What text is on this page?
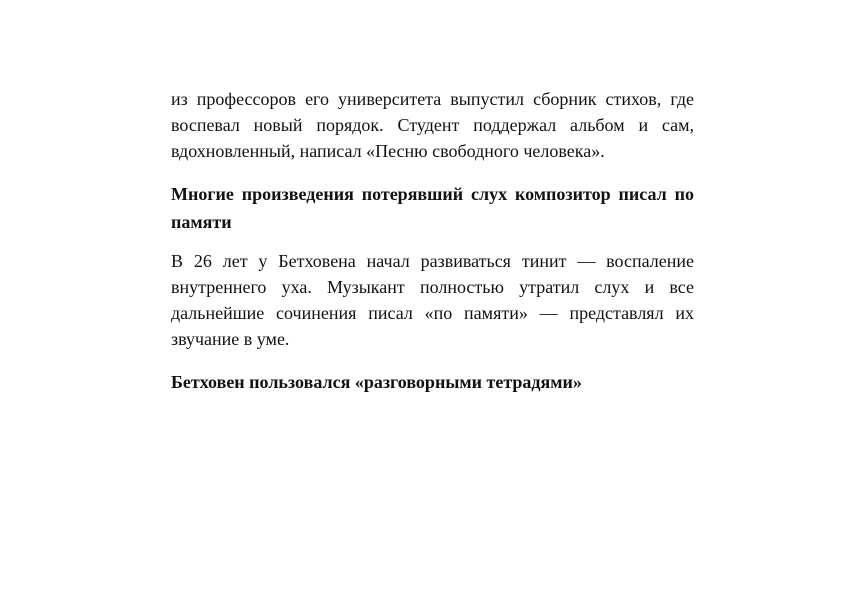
из профессоров его университета выпустил сборник стихов, где воспевал новый порядок. Студент поддержал альбом и сам, вдохновленный, написал «Песню свободного человека».

Многие произведения потерявший слух композитор писал по памяти

В 26 лет у Бетховена начал развиваться тинит — воспаление внутреннего уха. Музыкант полностью утратил слух и все дальнейшие сочинения писал «по памяти» — представлял их звучание в уме.

Бетховен пользовался «разговорными тетрадями»
